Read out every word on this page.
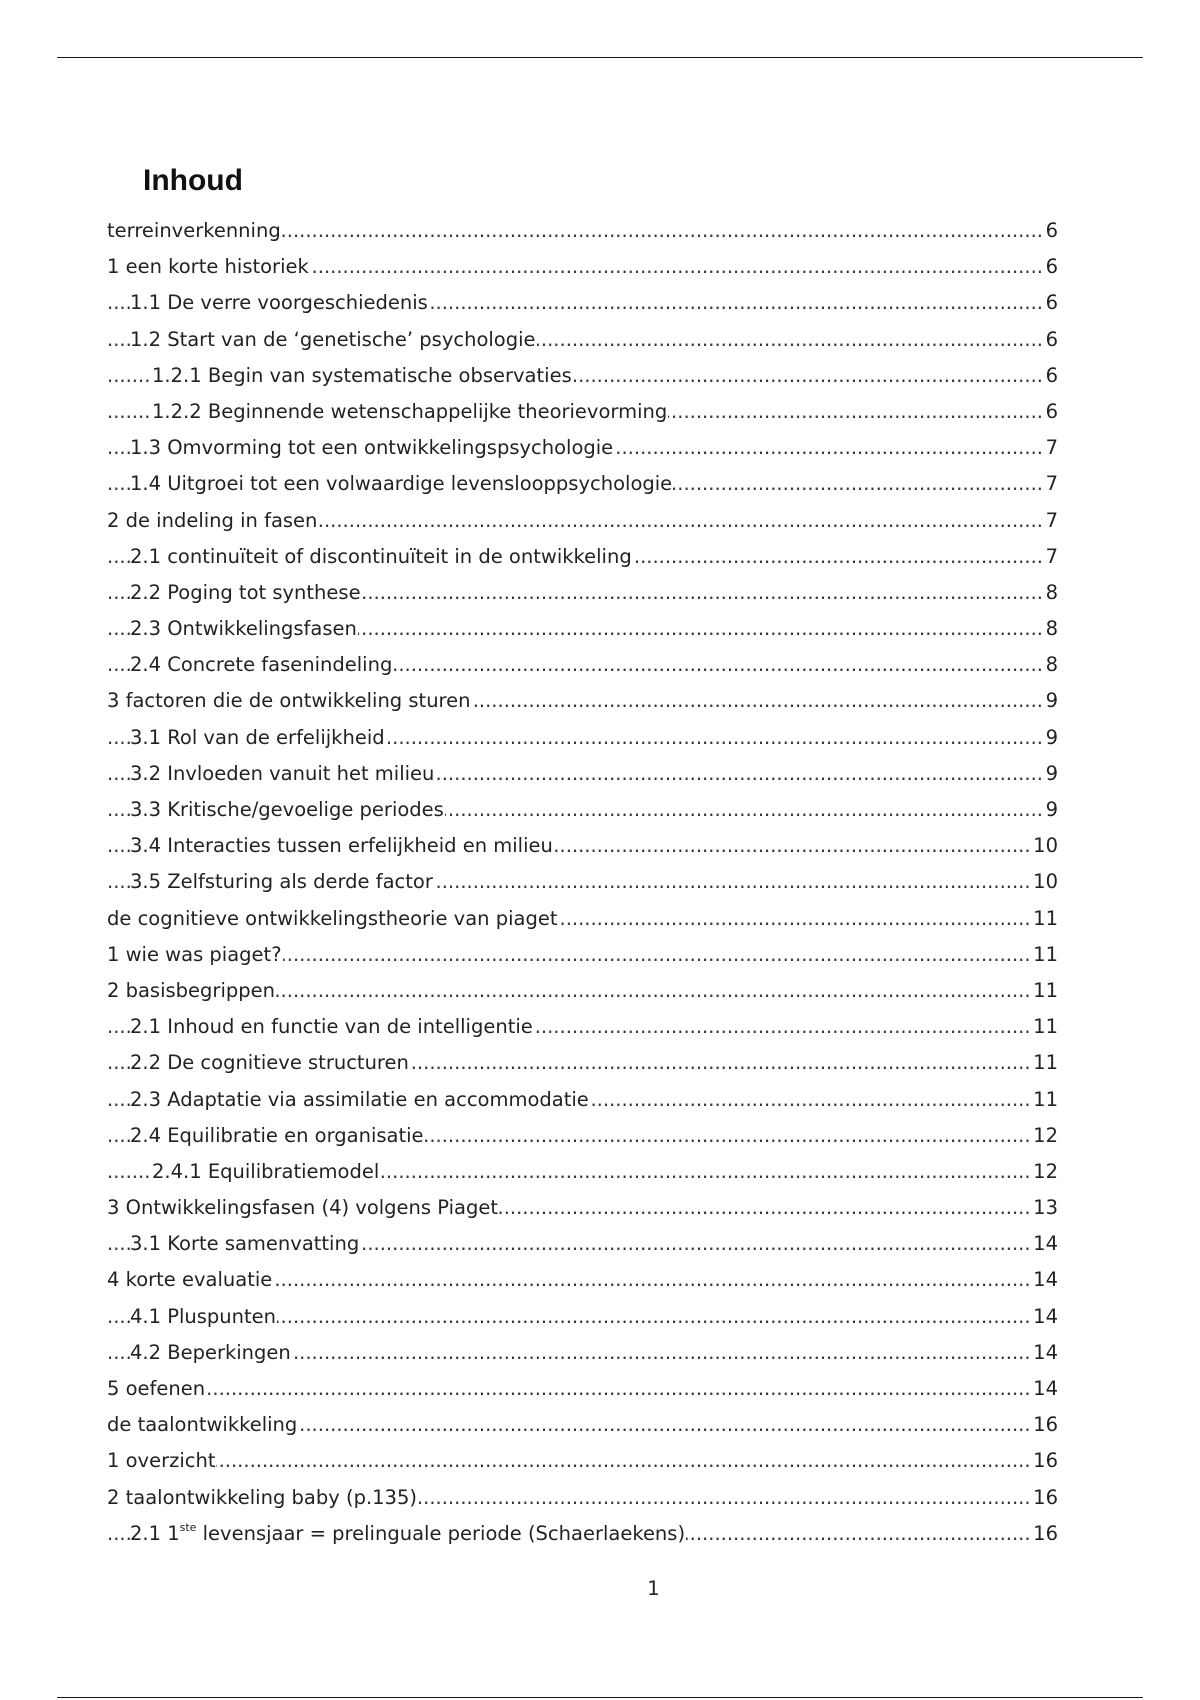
Inhoud
.....
terreinverkenning	6
.....
1 een korte historiek	6
.....
1.1 De verre voorgeschiedenis	6
.....
1.2 Start van de ‘genetische’ psychologie	6
.....
1.2.1 Begin van systematische observaties	6
.....
1.2.2 Beginnende wetenschappelijke theorievorming	6
.....
1.3 Omvorming tot een ontwikkelingspsychologie	7
.....
1.4 Uitgroei tot een volwaardige levenslooppsychologie	7
.....
2 de indeling in fasen	7
.....
2.1 continuïteit of discontinuïteit in de ontwikkeling	7
.....
2.2 Poging tot synthese	8
.....
2.3 Ontwikkelingsfasen	8
.....
2.4 Concrete fasenindeling	8
.....
3 factoren die de ontwikkeling sturen	9
.....
3.1 Rol van de erfelijkheid	9
.....
3.2 Invloeden vanuit het milieu	9
.....
3.3 Kritische/gevoelige periodes	9
.....
3.4 Interacties tussen erfelijkheid en milieu	10
.....
3.5 Zelfsturing als derde factor	10
.....
de cognitieve ontwikkelingstheorie van piaget	11
.....
1 wie was piaget?	11
.....
2 basisbegrippen	11
.....
2.1 Inhoud en functie van de intelligentie	11
.....
2.2 De cognitieve structuren	11
.....
2.3 Adaptatie via assimilatie en accommodatie	11
.....
2.4 Equilibratie en organisatie	12
.....
2.4.1 Equilibratiemodel	12
.....
3 Ontwikkelingsfasen (4) volgens Piaget	13
.....
3.1 Korte samenvatting	14
.....
4 korte evaluatie	14
.....
4.1 Pluspunten	14
.....
4.2 Beperkingen	14
.....
5 oefenen	14
.....
de taalontwikkeling	16
.....
1 overzicht	16
.....
2 taalontwikkeling baby (p.135)	16
.....
2.1 1ste levensjaar = prelinguale periode (Schaerlaekens)	16
1
